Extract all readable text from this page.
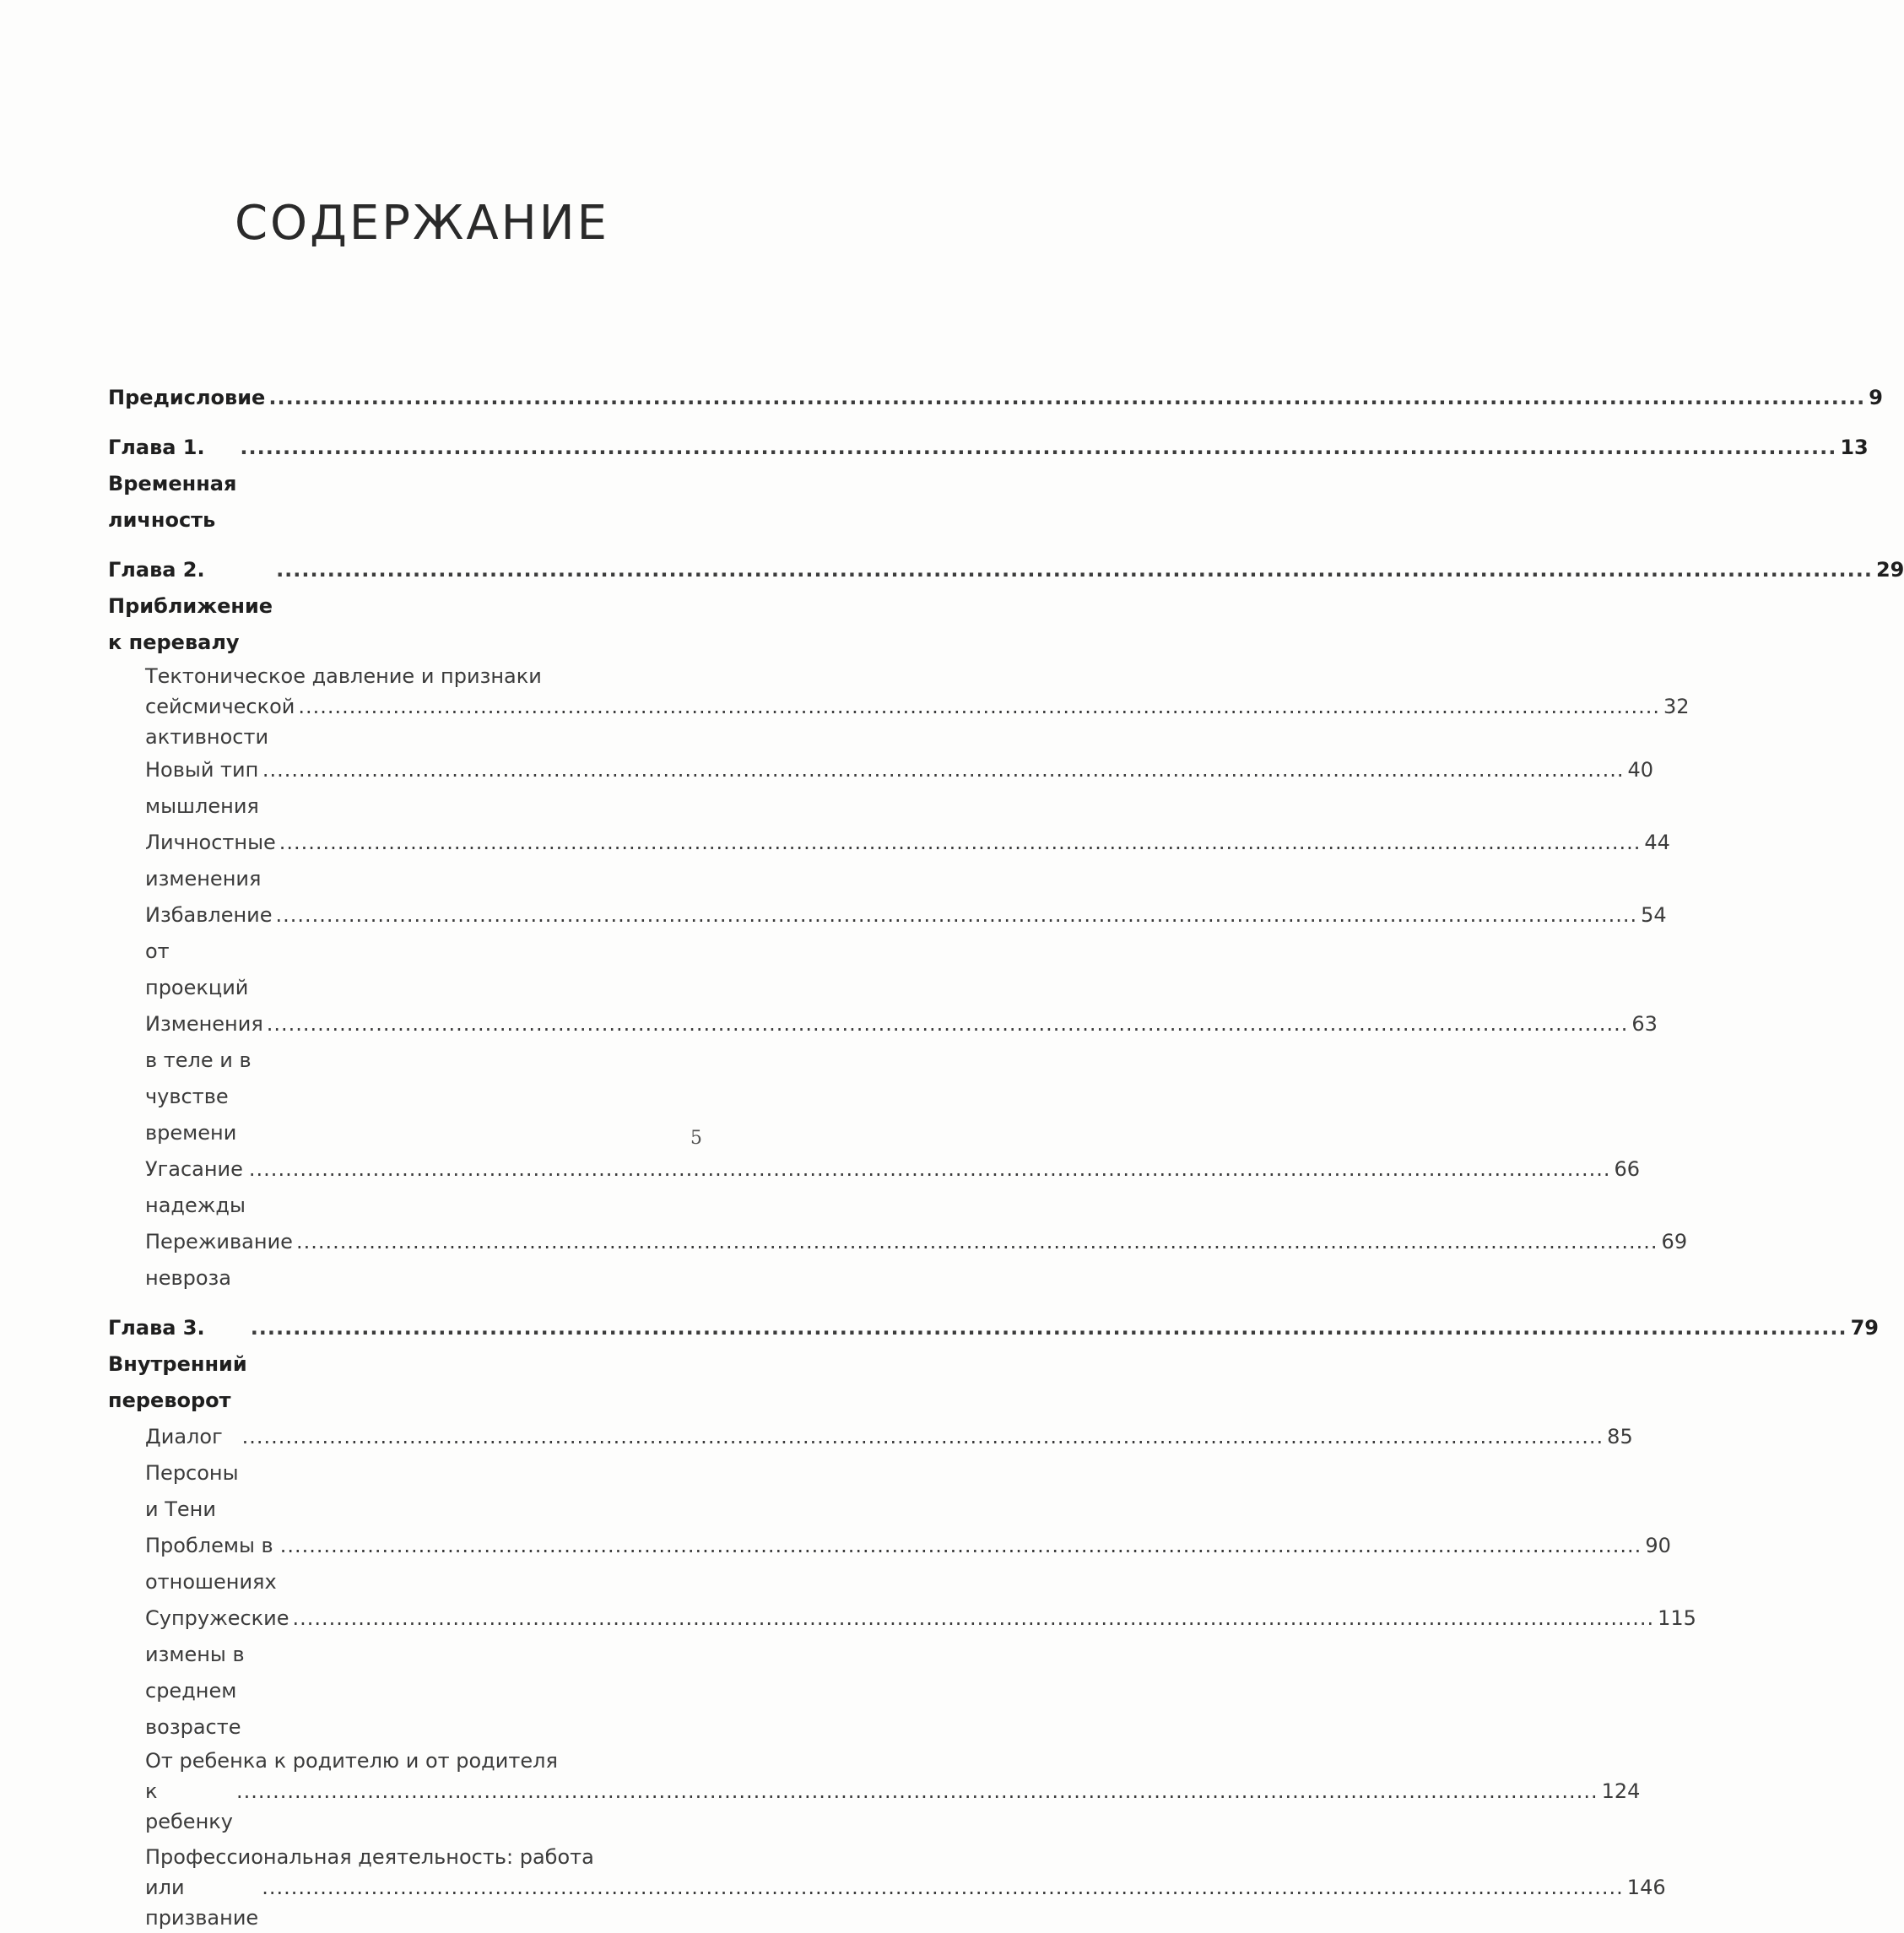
СОДЕРЖАНИЕ
Предисловие ........................................................................................................................................................................................... 9
Глава 1. Временная личность
........................................................................................................................................................................................... 13
Глава 2. Приближение к перевалу
........................................................................................................................................................................................... 29
Тектоническое давление и признаки
сейсмической активности
........................................................................................................................................................................................... 32
Новый тип мышления
........................................................................................................................................................................................... 40
Личностные изменения
........................................................................................................................................................................................... 44
Избавление от проекций
........................................................................................................................................................................................... 54
Изменения в теле и в чувстве времени
........................................................................................................................................................................................... 63
Угасание надежды
........................................................................................................................................................................................... 66
Переживание невроза
........................................................................................................................................................................................... 69
Глава 3. Внутренний переворот
........................................................................................................................................................................................... 79
Диалог Персоны и Тени
........................................................................................................................................................................................... 85
Проблемы в отношениях
........................................................................................................................................................................................... 90
Супружеские измены в среднем возрасте
........................................................................................................................................................................................... 115
От ребенка к родителю и от родителя
к ребенку
........................................................................................................................................................................................... 124
Профессиональная деятельность: работа
или призвание
........................................................................................................................................................................................... 146
5
